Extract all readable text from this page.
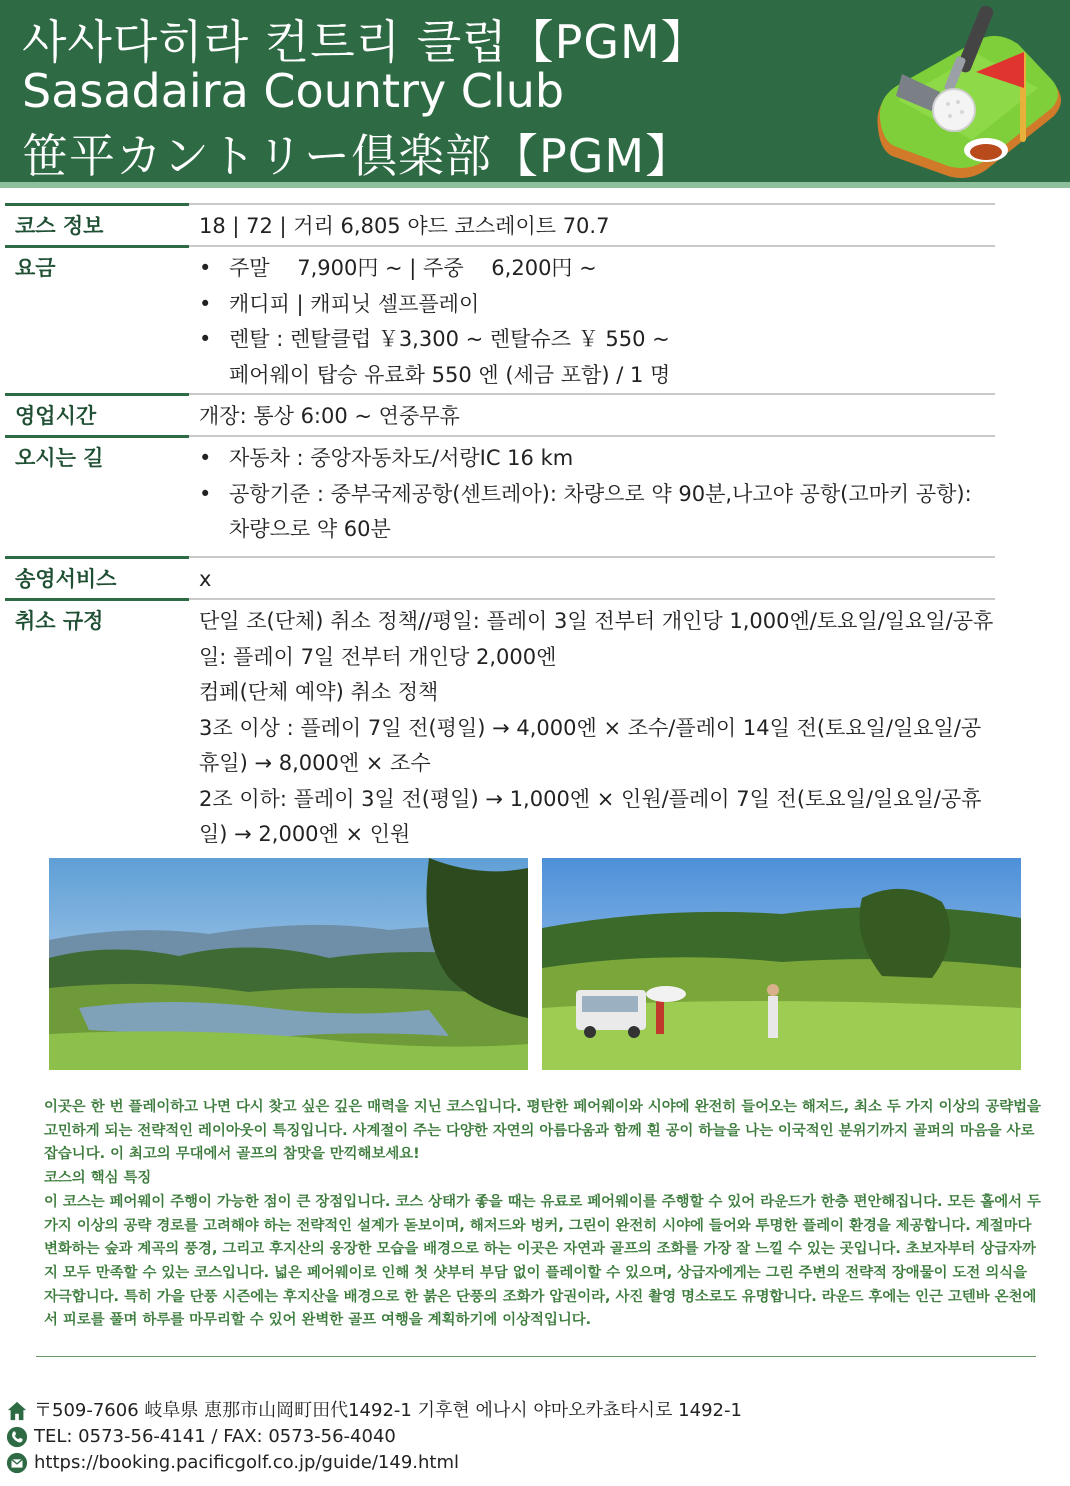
사사다히라 컨트리 클럽【PGM】
Sasadaira Country Club
笹平カントリー倶楽部【PGM】
코스 정보	18 | 72 | 거리 6,805 야드 코스레이트 70.7
요금	• 주말　 7,900円 ~ | 주중　 6,200円 ~
• 캐디피 | 캐피닛 셀프플레이
• 렌탈 : 렌탈클럽 ￥3,300 ~ 렌탈슈즈 ￥ 550 ~
페어웨이 탑승 유료화 550 엔 (세금 포함) / 1 명
영업시간	개장: 통상 6:00 ~ 연중무휴
오시는 길	• 자동차 : 중앙자동차도/서랑IC 16 km
• 공항기준 : 중부국제공항(센트레아): 차량으로 약 90분,나고야 공항(고마키 공항): 차량으로 약 60분
송영서비스	x
취소 규정	단일 조(단체) 취소 정책//평일: 플레이 3일 전부터 개인당 1,000엔/토요일/일요일/공휴일: 플레이 7일 전부터 개인당 2,000엔
컴페(단체 예약) 취소 정책
3조 이상 : 플레이 7일 전(평일) → 4,000엔 × 조수/플레이 14일 전(토요일/일요일/공휴일) → 8,000엔 × 조수
2조 이하: 플레이 3일 전(평일) → 1,000엔 × 인원/플레이 7일 전(토요일/일요일/공휴일) → 2,000엔 × 인원

이곳은 한 번 플레이하고 나면 다시 찾고 싶은 깊은 매력을 지닌 코스입니다. 평탄한 페어웨이와 시야에 완전히 들어오는 해저드, 최소 두 가지 이상의 공략법을 고민하게 되는 전략적인 레이아웃이 특징입니다. 사계절이 주는 다양한 자연의 아름다움과 함께 흰 공이 하늘을 나는 이국적인 분위기까지 골퍼의 마음을 사로잡습니다. 이 최고의 무대에서 골프의 참맛을 만끽해보세요!

코스의 핵심 특징

이 코스는 페어웨이 주행이 가능한 점이 큰 장점입니다. 코스 상태가 좋을 때는 유료로 페어웨이를 주행할 수 있어 라운드가 한층 편안해집니다. 모든 홀에서 두 가지 이상의 공략 경로를 고려해야 하는 전략적인 설계가 돋보이며, 해저드와 벙커, 그린이 완전히 시야에 들어와 투명한 플레이 환경을 제공합니다. 계절마다 변화하는 숲과 계곡의 풍경, 그리고 후지산의 웅장한 모습을 배경으로 하는 이곳은 자연과 골프의 조화를 가장 잘 느낄 수 있는 곳입니다. 초보자부터 상급자까지 모두 만족할 수 있는 코스입니다. 넓은 페어웨이로 인해 첫 샷부터 부담 없이 플레이할 수 있으며, 상급자에게는 그린 주변의 전략적 장애물이 도전 의식을 자극합니다. 특히 가을 단풍 시즌에는 후지산을 배경으로 한 붉은 단풍의 조화가 압권이라, 사진 촬영 명소로도 유명합니다. 라운드 후에는 인근 고텐바 온천에서 피로를 풀며 하루를 마무리할 수 있어 완벽한 골프 여행을 계획하기에 이상적입니다.

〒509-7606 岐阜県 恵那市山岡町田代1492-1 기후현 에나시 야마오카쵸타시로 1492-1
TEL: 0573-56-4141 / FAX: 0573-56-4040
https://booking.pacificgolf.co.jp/guide/149.html
